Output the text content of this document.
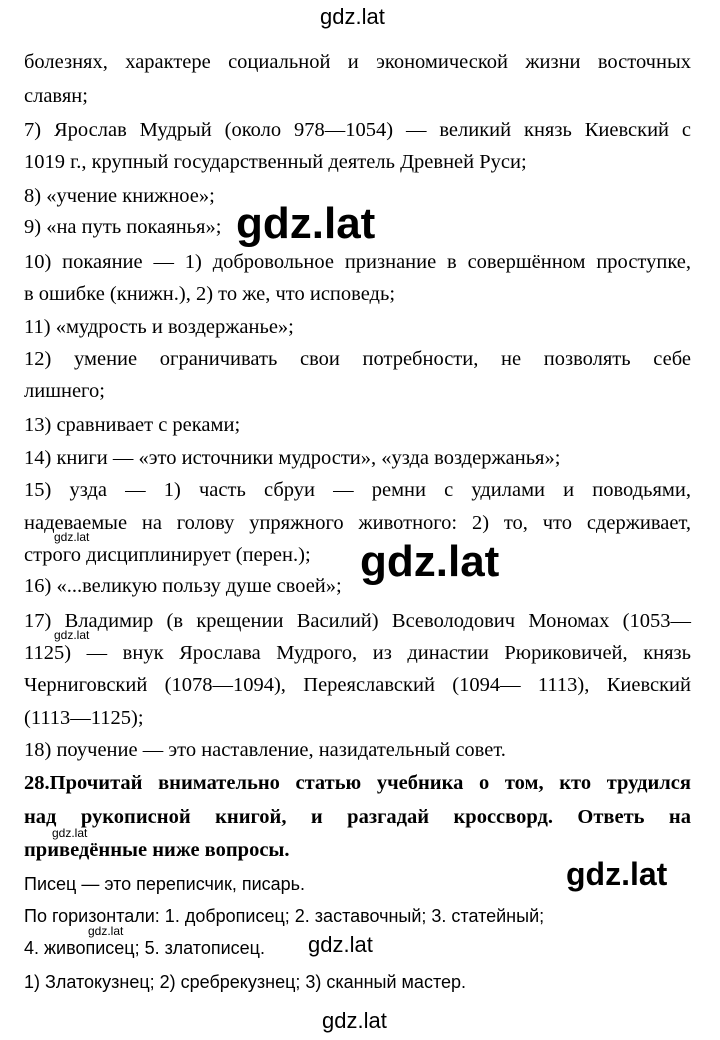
gdz.lat
болезнях, характере социальной и экономической жизни восточных
славян;
7) Ярослав Мудрый (около 978—1054) — великий князь Киевский с
1019 г., крупный государственный деятель Древней Руси;
8) «учение книжное»;
9) «на путь покаянья»;
10) покаяние — 1) добровольное признание в совершённом проступке,
в ошибке (книжн.), 2) то же, что исповедь;
11) «мудрость и воздержанье»;
12) умение ограничивать свои потребности, не позволять себе
лишнего;
13) сравнивает с реками;
14) книги — «это источники мудрости», «узда воздержанья»;
15) узда — 1) часть сбруи — ремни с удилами и поводьями,
надеваемые на голову упряжного животного: 2) то, что сдерживает,
строго дисциплинирует (перен.);
16) «...великую пользу душе своей»;
17) Владимир (в крещении Василий) Всеволодович Мономах (1053—
1125) — внук Ярослава Мудрого, из династии Рюриковичей, князь
Черниговский (1078—1094), Переяславский (1094— 1113), Киевский
(1113—1125);
18) поучение — это наставление, назидательный совет.
28.Прочитай внимательно статью учебника о том, кто трудился
над рукописной книгой, и разгадай кроссворд. Ответь на
приведённые ниже вопросы.
Писец — это переписчик, писарь.
По горизонтали: 1. доброписец; 2. заставочный; 3. статейный;
4. живописец; 5. златописец.
1) Златокузнец; 2) сребрекузнец; 3) сканный мастер.
gdz.lat
gdz.lat
gdz.lat
gdz.lat
gdz.lat
gdz.lat
gdz.lat
gdz.lat
gdz.lat
